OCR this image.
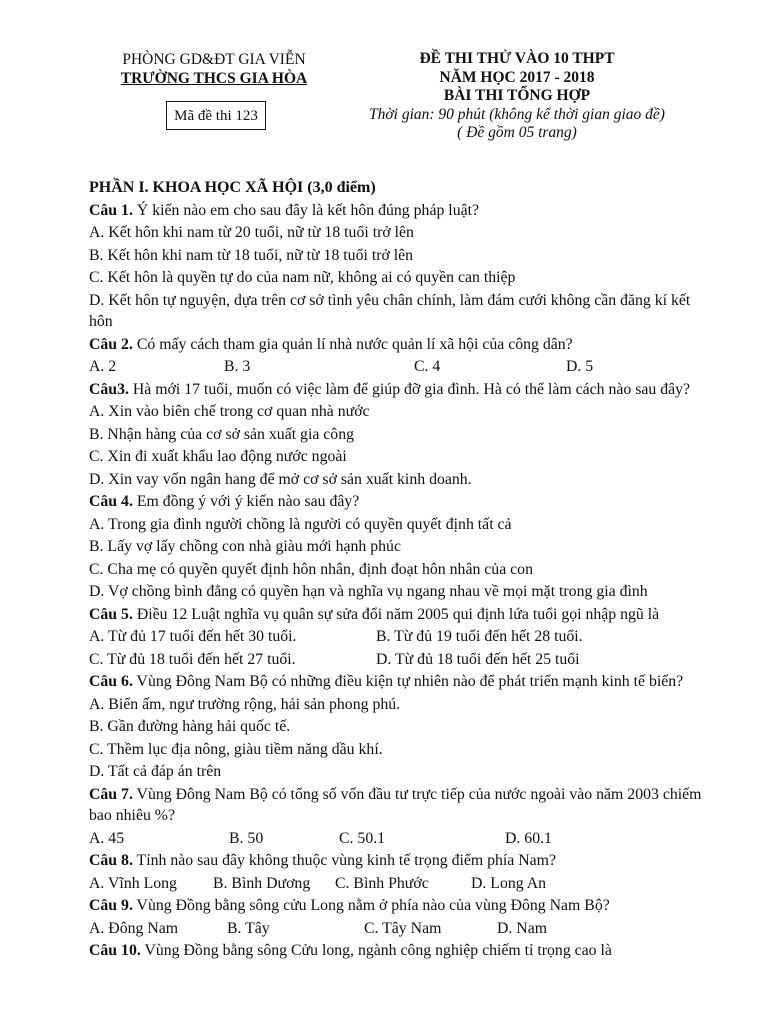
PHÒNG GD&ĐT GIA VIỄN
TRƯỜNG THCS GIA HÒA
Mã đề thi 123
ĐỀ THI THỬ VÀO 10 THPT
NĂM HỌC 2017 - 2018
BÀI THI TỔNG HỢP
Thời gian: 90 phút (không kể thời gian giao đề)
( Đề gồm 05 trang)

PHẦN I. KHOA HỌC XÃ HỘI (3,0 điểm)

Câu 1. Ý kiến nào em cho sau đây là kết hôn đúng pháp luật?

A. Kết hôn khi nam từ 20 tuổi, nữ từ 18 tuổi trở lên

B. Kết hôn khi nam từ 18 tuổi, nữ từ 18 tuổi trở lên

C. Kết hôn là quyền tự do của nam nữ, không ai có quyền can thiệp

D. Kết hôn tự nguyện, dựa trên cơ sở tình yêu chân chính, làm đám cưới không cần đăng kí kết hôn

Câu 2. Có mấy cách tham gia quản lí nhà nước quản lí xã hội của công dân?

A. 2	B. 3	C. 4	D. 5

Câu3. Hà mới 17 tuổi, muốn có việc làm để giúp đỡ gia đình. Hà có thể làm cách nào sau đây?

A. Xin vào biên chế trong cơ quan nhà nước

B. Nhận hàng của cơ sở sản xuất gia công

C. Xin đi xuất khẩu lao động nước ngoài

D. Xin vay vốn ngân hang để mở cơ sở sản xuất kinh doanh.

Câu 4. Em đồng ý với ý kiến nào sau đây?

A. Trong gia đình người chồng là người có quyền quyết định tất cả

B. Lấy vợ lấy chồng con nhà giàu mới hạnh phúc

C. Cha mẹ có quyền quyết định hôn nhân, định đoạt hôn nhân của con

D. Vợ chồng bình đẳng có quyền hạn và nghĩa vụ ngang nhau về mọi mặt trong gia đình

Câu 5. Điều 12 Luật nghĩa vụ quân sự sửa đổi năm 2005 qui định lứa tuổi gọi nhập ngũ là

A. Từ đủ 17 tuổi đến hết 30 tuổi.	B. Từ đủ 19 tuổi đến hết 28 tuổi.
C. Từ đủ 18 tuổi đến hết 27 tuổi.	D. Từ đủ 18 tuổi đến hết 25 tuổi

Câu 6. Vùng Đông Nam Bộ có những điều kiện tự nhiên nào để phát triển mạnh kinh tế biển?

A. Biển ấm, ngư trường rộng, hải sản phong phú.

B. Gần đường hàng hải quốc tế.

C. Thềm lục địa nông, giàu tiềm năng dầu khí.

D. Tất cả đáp án trên

Câu 7. Vùng Đông Nam Bộ có tổng số vốn đầu tư trực tiếp của nước ngoài vào năm 2003 chiếm bao nhiêu %?

A. 45	B. 50	C. 50.1	D. 60.1

Câu 8. Tỉnh nào sau đây không thuộc vùng kinh tế trọng điểm phía Nam?

A. Vĩnh Long	B. Bình Dương	C. Bình Phước	D. Long An

Câu 9. Vùng Đồng bằng sông cửu Long nằm ở phía nào của vùng Đông Nam Bộ?

A. Đông Nam	B. Tây	C. Tây Nam	D. Nam

Câu 10. Vùng Đồng bằng sông Cửu long, ngành công nghiệp chiếm tỉ trọng cao là
